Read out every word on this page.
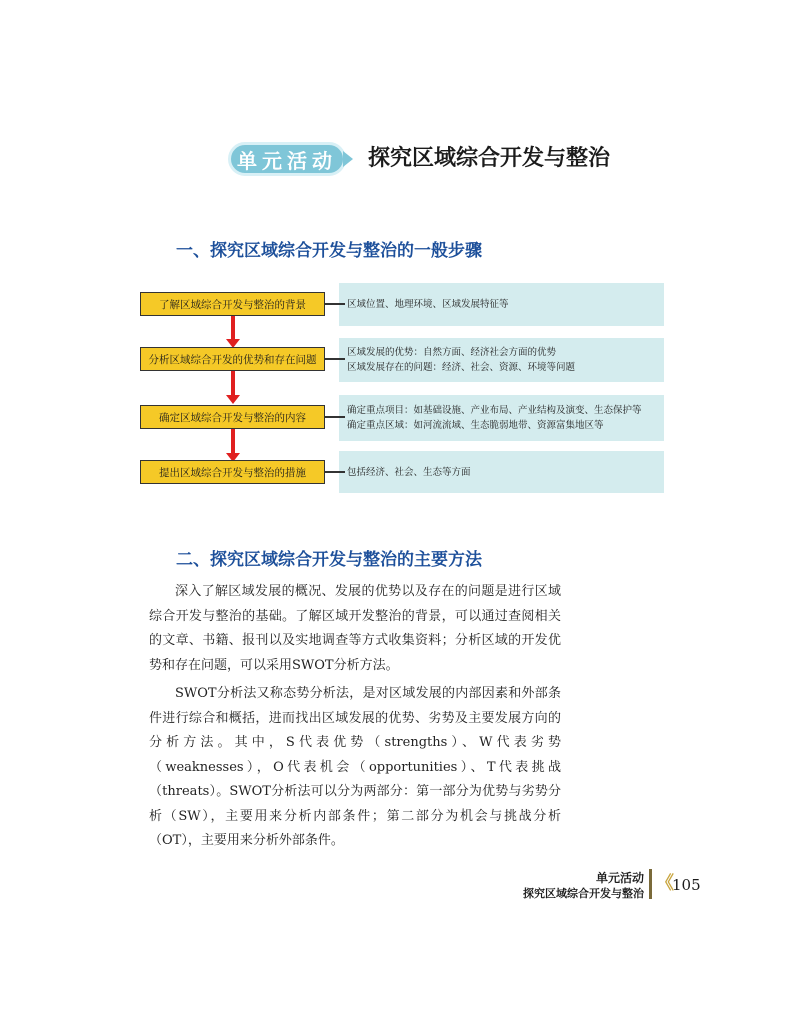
单元活动	探究区域综合开发与整治
一、探究区域综合开发与整治的一般步骤
区域位置、地理环境、区域发展特征等
了解区域综合开发与整治的背景
区域发展的优势：自然方面、经济社会方面的优势
区域发展存在的问题：经济、社会、资源、环境等问题
分析区域综合开发的优势和存在问题
确定重点项目：如基础设施、产业布局、产业结构及演变、生态保护等
确定重点区域：如河流流域、生态脆弱地带、资源富集地区等
确定区域综合开发与整治的内容
包括经济、社会、生态等方面
提出区域综合开发与整治的措施
二、探究区域综合开发与整治的主要方法

深入了解区域发展的概况、发展的优势以及存在的问题是进行区域综合开发与整治的基础。了解区域开发整治的背景，可以通过查阅相关的文章、书籍、报刊以及实地调查等方式收集资料；分析区域的开发优势和存在问题，可以采用SWOT分析方法。

SWOT分析法又称态势分析法，是对区域发展的内部因素和外部条件进行综合和概括，进而找出区域发展的优势、劣势及主要发展方向的分析方法。其中，S代表优势（strengths）、W代表劣势（weaknesses），O代表机会（opportunities）、T代表挑战（threats）。SWOT分析法可以分为两部分：第一部分为优势与劣势分析（SW），主要用来分析内部条件；第二部分为机会与挑战分析（OT），主要用来分析外部条件。

单元活动
探究区域综合开发与整治 《
105
